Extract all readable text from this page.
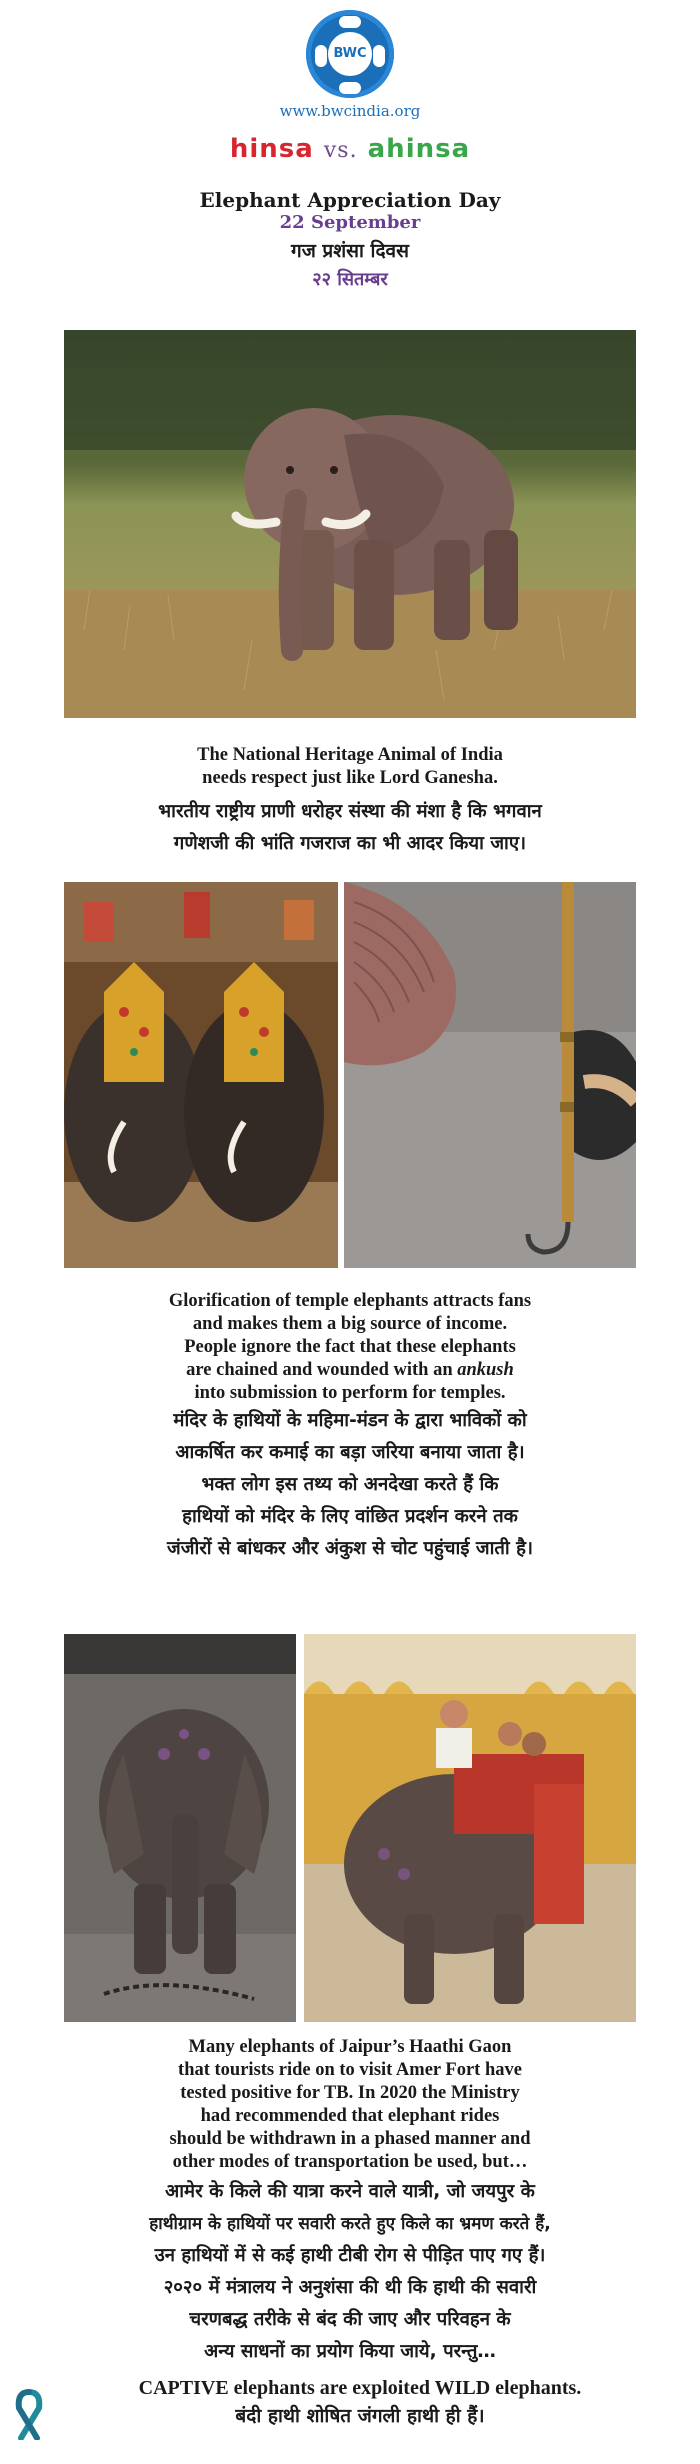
BWC
www.bwcindia.org
hinsa vs. ahinsa
Elephant Appreciation Day
22 September
गज प्रशंसा दिवस
२२ सितम्बर
The National Heritage Animal of India
needs respect just like Lord Ganesha.
भारतीय राष्ट्रीय प्राणी धरोहर संस्था की मंशा है कि भगवान
गणेशजी की भांति गजराज का भी आदर किया जाए।
Glorification of temple elephants attracts fans
and makes them a big source of income.
People ignore the fact that these elephants
are chained and wounded with an ankush
into submission to perform for temples.
मंदिर के हाथियों के महिमा-मंडन के द्वारा भाविकों को
आकर्षित कर कमाई का बड़ा जरिया बनाया जाता है।
भक्त लोग इस तथ्य को अनदेखा करते हैं कि
हाथियों को मंदिर के लिए वांछित प्रदर्शन करने तक
जंजीरों से बांधकर और अंकुश से चोट पहुंचाई जाती है।
Many elephants of Jaipur’s Haathi Gaon
that tourists ride on to visit Amer Fort have
tested positive for TB. In 2020 the Ministry
had recommended that elephant rides
should be withdrawn in a phased manner and
other modes of transportation be used, but…
आमेर के किले की यात्रा करने वाले यात्री, जो जयपुर के
हाथीग्राम के हाथियों पर सवारी करते हुए किले का भ्रमण करते हैं,
उन हाथियों में से कई हाथी टीबी रोग से पीड़ित पाए गए हैं।
२०२० में मंत्रालय ने अनुशंसा की थी कि हाथी की सवारी
चरणबद्ध तरीके से बंद की जाए और परिवहन के
अन्य साधनों का प्रयोग किया जाये, परन्तु…
CAPTIVE elephants are exploited WILD elephants.
बंदी हाथी शोषित जंगली हाथी ही हैं।
